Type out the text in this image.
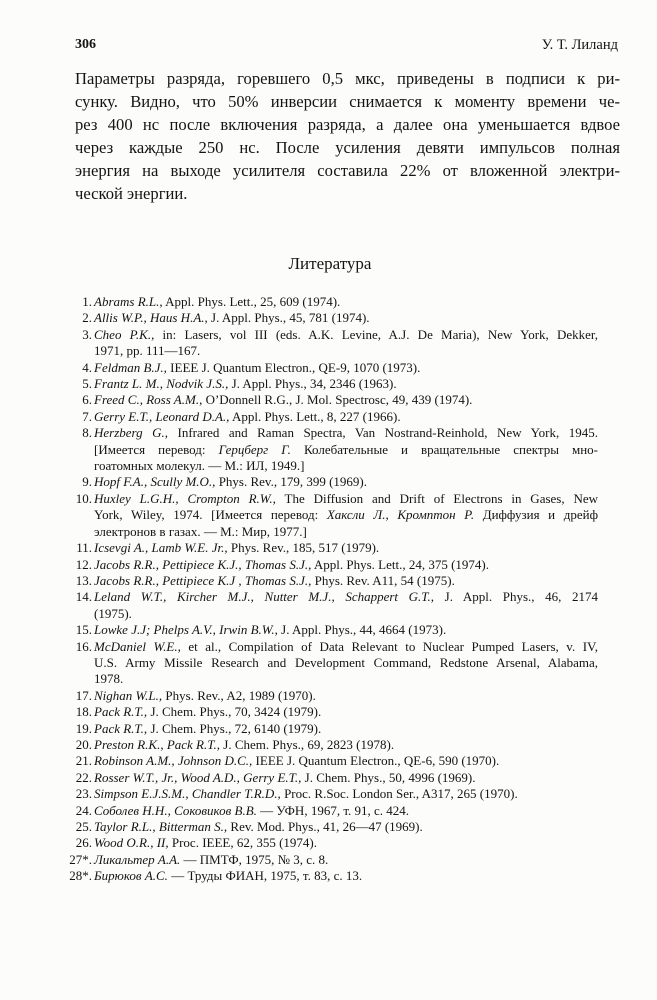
306	У. Т. Лиланд
Параметры разряда, горевшего 0,5 мкс, приведены в подписи к ри-
сунку. Видно, что 50% инверсии снимается к моменту времени че-
рез 400 нс после включения разряда, а далее она уменьшается вдвое
через каждые 250 нс. После усиления девяти импульсов полная
энергия на выходе усилителя составила 22% от вложенной электри-
ческой энергии.
Литература
1. Abrams R.L., Appl. Phys. Lett., 25, 609 (1974).
2. Allis W.P., Haus H.A., J. Appl. Phys., 45, 781 (1974).
3. Cheo P.K., in: Lasers, vol III (eds. A.K. Levine, A.J. De Maria), New York, Dekker,
1971, pp. 111—167.
4. Feldman B.J., IEEE J. Quantum Electron., QE-9, 1070 (1973).
5. Frantz L. M., Nodvik J.S., J. Appl. Phys., 34, 2346 (1963).
6. Freed C., Ross A.M., O’Donnell R.G., J. Mol. Spectrosc, 49, 439 (1974).
7. Gerry E.T., Leonard D.A., Appl. Phys. Lett., 8, 227 (1966).
8. Herzberg G., Infrared and Raman Spectra, Van Nostrand-Reinhold, New York, 1945.
[Имеется перевод: Герцберг Г. Колебательные и вращательные спектры мно-
гоатомных молекул. — М.: ИЛ, 1949.]
9. Hopf F.A., Scully M.O., Phys. Rev., 179, 399 (1969).
10. Huxley L.G.H., Crompton R.W., The Diffusion and Drift of Electrons in Gases, New
York, Wiley, 1974. [Имеется перевод: Хаксли Л., Кромптон Р. Диффузия и дрейф
электронов в газах. — М.: Мир, 1977.]
11. Icsevgi A., Lamb W.E. Jr., Phys. Rev., 185, 517 (1979).
12. Jacobs R.R., Pettipiece K.J., Thomas S.J., Appl. Phys. Lett., 24, 375 (1974).
13. Jacobs R.R., Pettipiece K.J , Thomas S.J., Phys. Rev. A11, 54 (1975).
14. Leland W.T., Kircher M.J., Nutter M.J., Schappert G.T., J. Appl. Phys., 46, 2174
(1975).
15. Lowke J.J; Phelps A.V., Irwin B.W., J. Appl. Phys., 44, 4664 (1973).
16. McDaniel W.E., et al., Compilation of Data Relevant to Nuclear Pumped Lasers, v. IV,
U.S. Army Missile Research and Development Command, Redstone Arsenal, Alabama,
1978.
17. Nighan W.L., Phys. Rev., A2, 1989 (1970).
18. Pack R.T., J. Chem. Phys., 70, 3424 (1979).
19. Pack R.T., J. Chem. Phys., 72, 6140 (1979).
20. Preston R.K., Pack R.T., J. Chem. Phys., 69, 2823 (1978).
21. Robinson A.M., Johnson D.C., IEEE J. Quantum Electron., QE-6, 590 (1970).
22. Rosser W.T., Jr., Wood A.D., Gerry E.T., J. Chem. Phys., 50, 4996 (1969).
23. Simpson E.J.S.M., Chandler T.R.D., Proc. R.Soc. London Ser., A317, 265 (1970).
24. Соболев Н.Н., Соковиков В.В. — УФН, 1967, т. 91, с. 424.
25. Taylor R.L., Bitterman S., Rev. Mod. Phys., 41, 26—47 (1969).
26. Wood O.R., II, Proc. IEEE, 62, 355 (1974).
27*. Ликальтер А.А. — ПМТФ, 1975, № 3, с. 8.
28*. Бирюков А.С. — Труды ФИАН, 1975, т. 83, с. 13.
